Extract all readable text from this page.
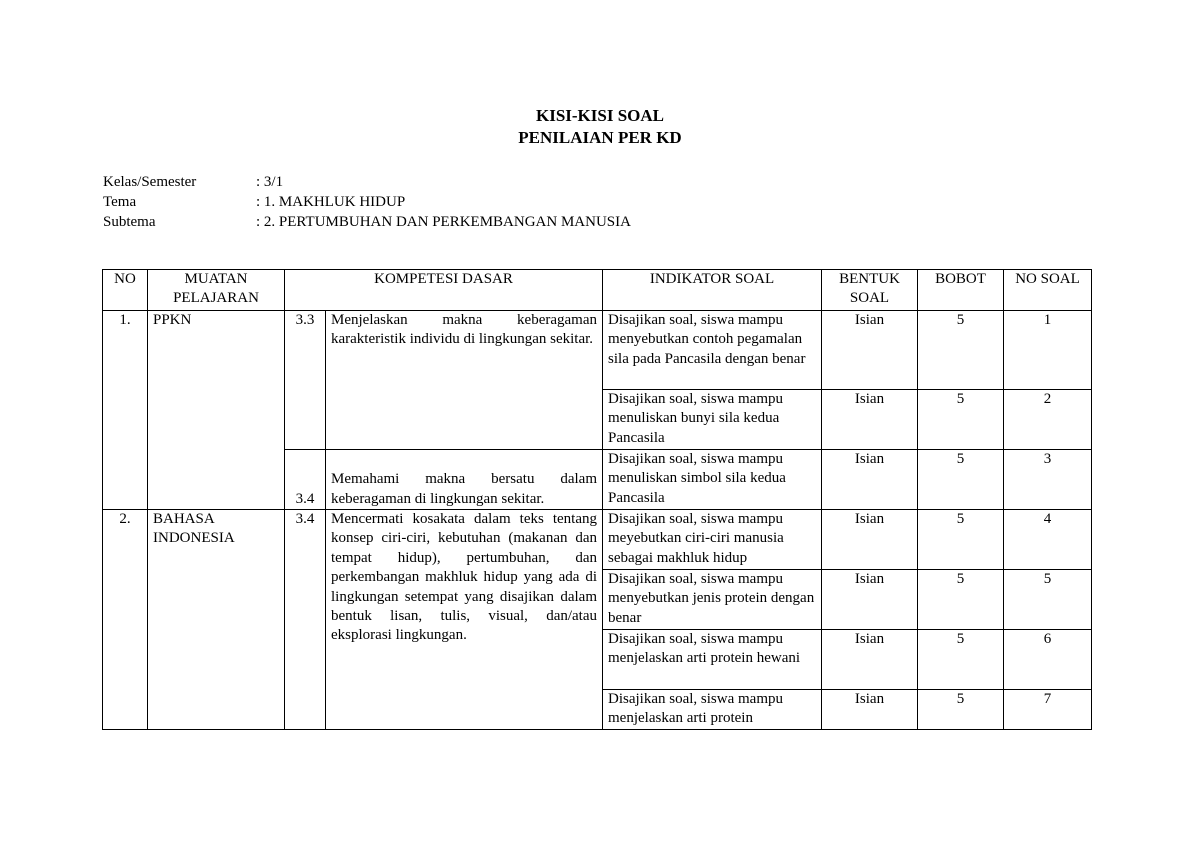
KISI-KISI SOAL
PENILAIAN PER KD
Kelas/Semester	: 3/1
Tema	: 1. MAKHLUK HIDUP
Subtema	: 2. PERTUMBUHAN DAN PERKEMBANGAN MANUSIA
NO	MUATAN PELAJARAN	KOMPETESI DASAR		INDIKATOR SOAL	BENTUK SOAL	BOBOT	NO SOAL
1.	PPKN	3.3	Menjelaskan makna keberagaman karakteristik individu di lingkungan sekitar.	Disajikan soal, siswa mampu menyebutkan contoh pegamalan sila pada Pancasila dengan benar	Isian	5	1
				Disajikan soal, siswa mampu menuliskan bunyi sila kedua Pancasila	Isian	5	2
		3.4	Memahami makna bersatu dalam keberagaman di lingkungan sekitar.	Disajikan soal, siswa mampu menuliskan simbol sila kedua Pancasila	Isian	5	3
2.	BAHASA INDONESIA	3.4	Mencermati kosakata dalam teks tentang konsep ciri-ciri, kebutuhan (makanan dan tempat hidup), pertumbuhan, dan perkembangan makhluk hidup yang ada di lingkungan setempat yang disajikan dalam bentuk lisan, tulis, visual, dan/atau eksplorasi lingkungan.	Disajikan soal, siswa mampu meyebutkan ciri-ciri manusia sebagai makhluk hidup	Isian	5	4
				Disajikan soal, siswa mampu menyebutkan jenis protein dengan benar	Isian	5	5
				Disajikan soal, siswa mampu menjelaskan arti protein hewani	Isian	5	6
				Disajikan soal, siswa mampu menjelaskan arti protein	Isian	5	7
